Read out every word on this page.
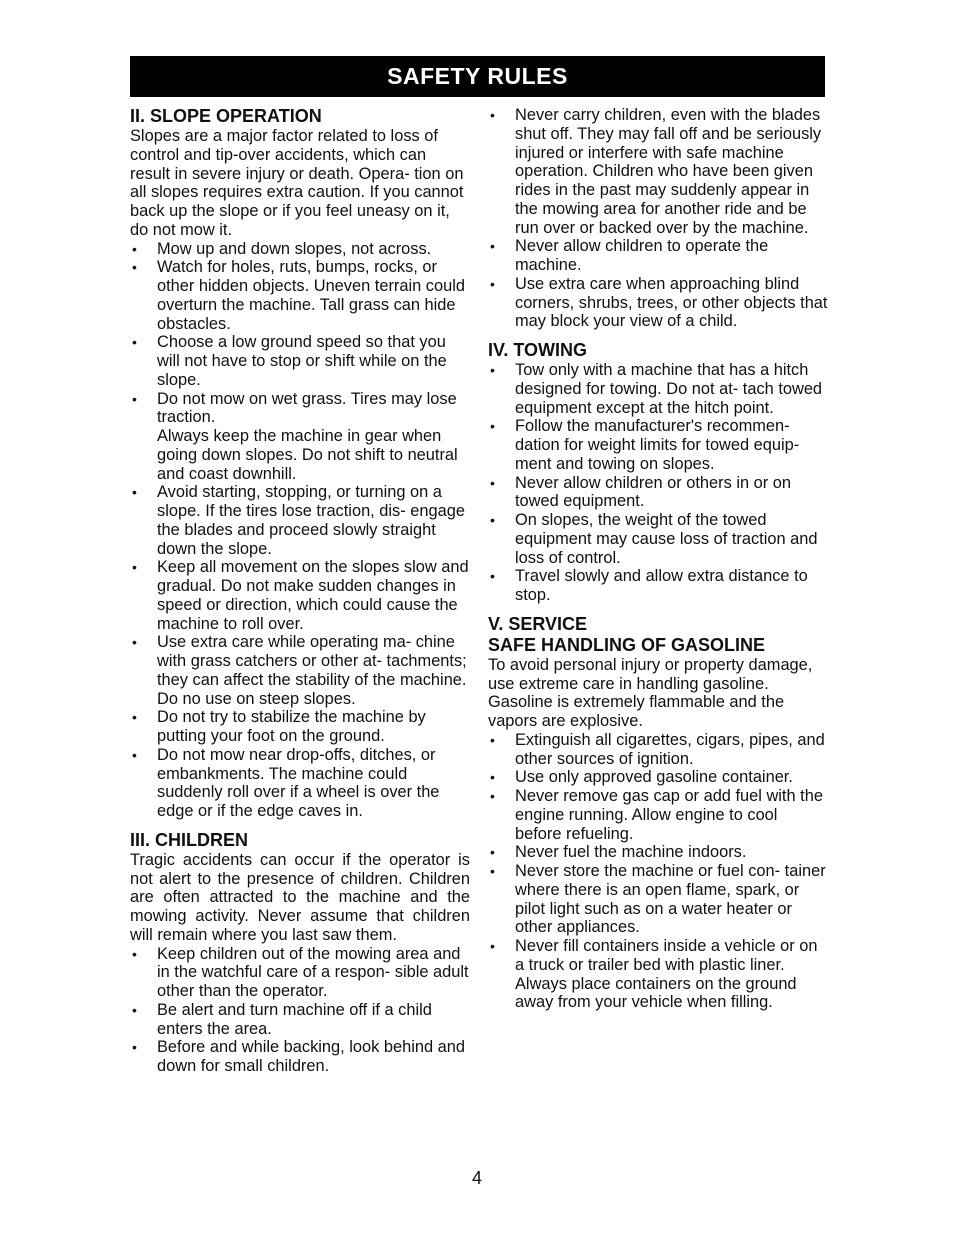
SAFETY RULES
II. SLOPE OPERATION

Slopes are a major factor related to loss of control and tip-over accidents, which can result in severe injury or death. Opera- tion on all slopes requires extra caution. If you cannot back up the slope or if you feel uneasy on it, do not mow it.

• Mow up and down slopes, not across.
• Watch for holes, ruts, bumps, rocks, or other hidden objects. Uneven terrain could overturn the machine. Tall grass can hide obstacles.
• Choose a low ground speed so that you will not have to stop or shift while on the slope.
• Do not mow on wet grass. Tires may lose traction.
Always keep the machine in gear when going down slopes. Do not shift to neutral and coast downhill.
• Avoid starting, stopping, or turning on a slope. If the tires lose traction, dis- engage the blades and proceed slowly straight down the slope.
• Keep all movement on the slopes slow and gradual. Do not make sudden changes in speed or direction, which could cause the machine to roll over.
• Use extra care while operating ma- chine with grass catchers or other at- tachments; they can affect the stability of the machine. Do no use on steep slopes.
• Do not try to stabilize the machine by putting your foot on the ground.
• Do not mow near drop-offs, ditches, or embankments. The machine could suddenly roll over if a wheel is over the edge or if the edge caves in.
III. CHILDREN

Tragic accidents can occur if the operator is not alert to the presence of children. Children are often attracted to the machine and the mowing activity. Never assume that children will remain where you last saw them.

• Keep children out of the mowing area and in the watchful care of a respon- sible adult other than the operator.
• Be alert and turn machine off if a child enters the area.
• Before and while backing, look behind and down for small children.
• Never carry children, even with the blades shut off. They may fall off and be seriously injured or interfere with safe machine operation. Children who have been given rides in the past may suddenly appear in the mowing area for another ride and be run over or backed over by the machine.
• Never allow children to operate the machine.
• Use extra care when approaching blind corners, shrubs, trees, or other objects that may block your view of a child.
IV. TOWING
• Tow only with a machine that has a hitch designed for towing. Do not at- tach towed equipment except at the hitch point.
• Follow the manufacturer's recommen- dation for weight limits for towed equip- ment and towing on slopes.
• Never allow children or others in or on towed equipment.
• On slopes, the weight of the towed equipment may cause loss of traction and loss of control.
• Travel slowly and allow extra distance to stop.
V. SERVICE
SAFE HANDLING OF GASOLINE

To avoid personal injury or property damage, use extreme care in handling gasoline. Gasoline is extremely flammable and the vapors are explosive.

• Extinguish all cigarettes, cigars, pipes, and other sources of ignition.
• Use only approved gasoline container.
• Never remove gas cap or add fuel with the engine running. Allow engine to cool before refueling.
• Never fuel the machine indoors.
• Never store the machine or fuel con- tainer where there is an open flame, spark, or pilot light such as on a water heater or other appliances.
• Never fill containers inside a vehicle or on a truck or trailer bed with plastic liner. Always place containers on the ground away from your vehicle when filling.
4
